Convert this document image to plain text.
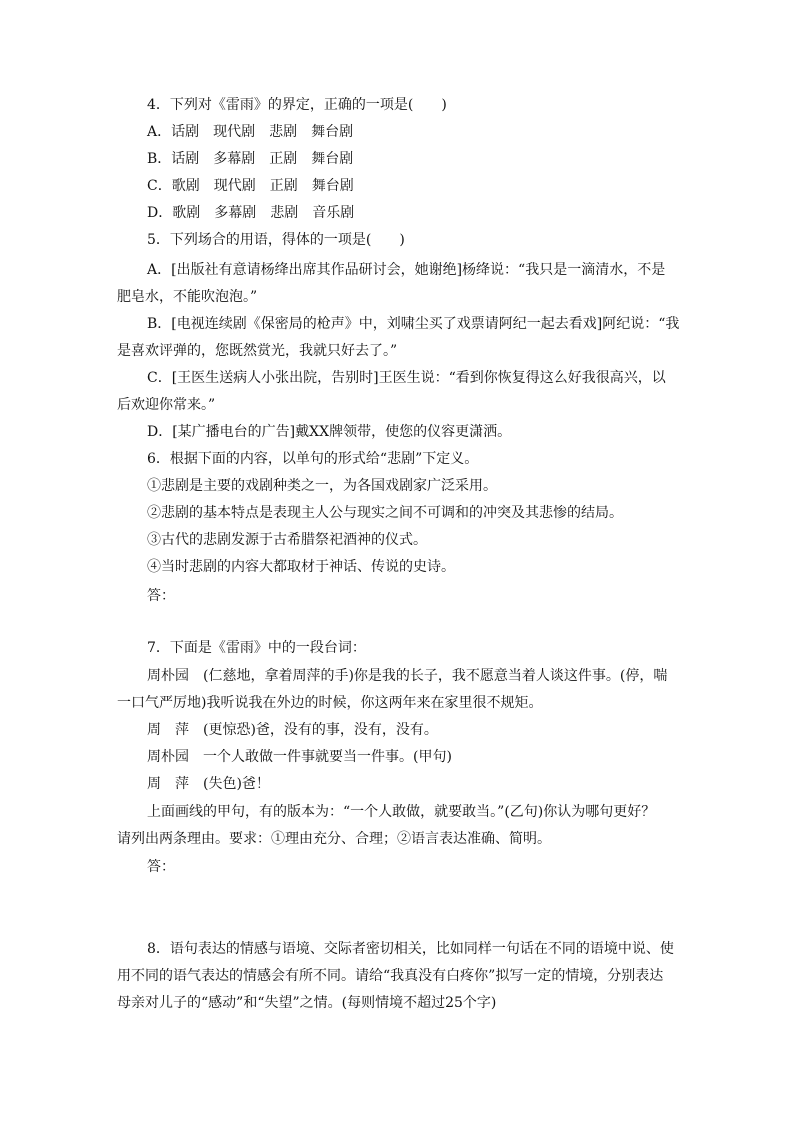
4．下列对《雷雨》的界定，正确的一项是(　　)
A．话剧　现代剧　悲剧　舞台剧
B．话剧　多幕剧　正剧　舞台剧
C．歌剧　现代剧　正剧　舞台剧
D．歌剧　多幕剧　悲剧　音乐剧
5．下列场合的用语，得体的一项是(　　)
A．[出版社有意请杨绛出席其作品研讨会，她谢绝]杨绛说：“我只是一滴清水，不是
肥皂水，不能吹泡泡。”
B．[电视连续剧《保密局的枪声》中，刘啸尘买了戏票请阿纪一起去看戏]阿纪说：“我
是喜欢评弹的，您既然赏光，我就只好去了。”
C．[王医生送病人小张出院，告别时]王医生说：“看到你恢复得这么好我很高兴，以
后欢迎你常来。”
D．[某广播电台的广告]戴XX牌领带，使您的仪容更潇洒。
6．根据下面的内容，以单句的形式给“悲剧”下定义。
①悲剧是主要的戏剧种类之一，为各国戏剧家广泛采用。
②悲剧的基本特点是表现主人公与现实之间不可调和的冲突及其悲惨的结局。
③古代的悲剧发源于古希腊祭祀酒神的仪式。
④当时悲剧的内容大都取材于神话、传说的史诗。
答：
7．下面是《雷雨》中的一段台词：
周朴园　(仁慈地，拿着周萍的手)你是我的长子，我不愿意当着人谈这件事。(停，喘
一口气严厉地)我听说我在外边的时候，你这两年来在家里很不规矩。
周　萍　(更惊恐)爸，没有的事，没有，没有。
周朴园　一个人敢做一件事就要当一件事。(甲句)
周　萍　(失色)爸！
上面画线的甲句，有的版本为：“一个人敢做，就要敢当。”(乙句)你认为哪句更好？
请列出两条理由。要求：①理由充分、合理；②语言表达准确、简明。
答：
8．语句表达的情感与语境、交际者密切相关，比如同样一句话在不同的语境中说、使
用不同的语气表达的情感会有所不同。请给“我真没有白疼你”拟写一定的情境，分别表达
母亲对儿子的“感动”和“失望”之情。(每则情境不超过25个字)
